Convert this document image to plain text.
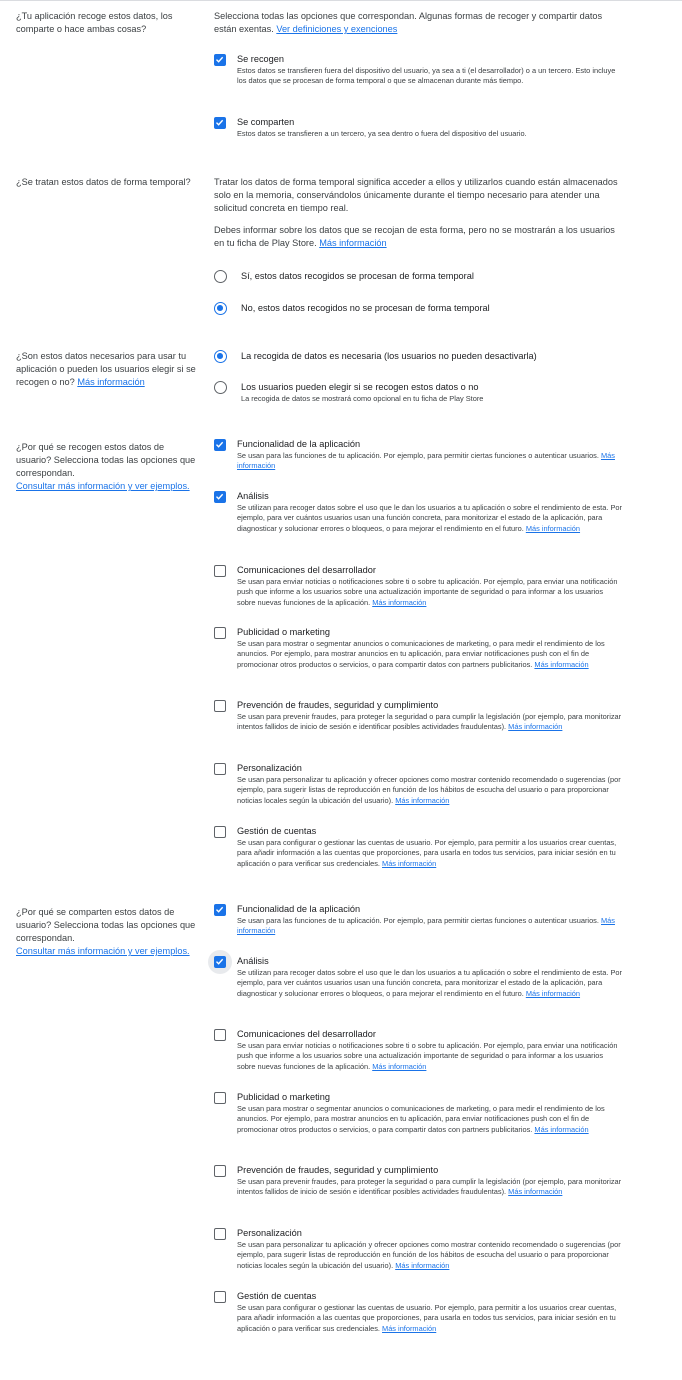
¿Tu aplicación recoge estos datos, los comparte o hace ambas cosas?

Selecciona todas las opciones que correspondan. Algunas formas de recoger y compartir datos están exentas. Ver definiciones y exenciones

Se recogen
Estos datos se transfieren fuera del dispositivo del usuario, ya sea a ti (el desarrollador) o a un tercero. Esto incluye los datos que se procesan de forma temporal o que se almacenan durante más tiempo.
Se comparten
Estos datos se transfieren a un tercero, ya sea dentro o fuera del dispositivo del usuario.
¿Se tratan estos datos de forma temporal?	Tratar los datos de forma temporal significa acceder a ellos y utilizarlos cuando están almacenados solo en la memoria, conservándolos únicamente durante el tiempo necesario para atender una solicitud concreta en tiempo real.

Debes informar sobre los datos que se recojan de esta forma, pero no se mostrarán a los usuarios en tu ficha de Play Store. Más información

Sí, estos datos recogidos se procesan de forma temporal
No, estos datos recogidos no se procesan de forma temporal
¿Son estos datos necesarios para usar tu aplicación o pueden los usuarios elegir si se recogen o no? Más información
La recogida de datos es necesaria (los usuarios no pueden desactivarla)
Los usuarios pueden elegir si se recogen estos datos o no
La recogida de datos se mostrará como opcional en tu ficha de Play Store
¿Por qué se recogen estos datos de usuario? Selecciona todas las opciones que correspondan.
Consultar más información y ver ejemplos.
Funcionalidad de la aplicación
Se usan para las funciones de tu aplicación. Por ejemplo, para permitir ciertas funciones o autenticar usuarios. Más información
Análisis
Se utilizan para recoger datos sobre el uso que le dan los usuarios a tu aplicación o sobre el rendimiento de esta. Por ejemplo, para ver cuántos usuarios usan una función concreta, para monitorizar el estado de la aplicación, para diagnosticar y solucionar errores o bloqueos, o para mejorar el rendimiento en el futuro. Más información
Comunicaciones del desarrollador
Se usan para enviar noticias o notificaciones sobre ti o sobre tu aplicación. Por ejemplo, para enviar una notificación push que informe a los usuarios sobre una actualización importante de seguridad o para informar a los usuarios sobre nuevas funciones de la aplicación. Más información
Publicidad o marketing
Se usan para mostrar o segmentar anuncios o comunicaciones de marketing, o para medir el rendimiento de los anuncios. Por ejemplo, para mostrar anuncios en tu aplicación, para enviar notificaciones push con el fin de promocionar otros productos o servicios, o para compartir datos con partners publicitarios. Más información
Prevención de fraudes, seguridad y cumplimiento
Se usan para prevenir fraudes, para proteger la seguridad o para cumplir la legislación (por ejemplo, para monitorizar intentos fallidos de inicio de sesión e identificar posibles actividades fraudulentas). Más información
Personalización
Se usan para personalizar tu aplicación y ofrecer opciones como mostrar contenido recomendado o sugerencias (por ejemplo, para sugerir listas de reproducción en función de los hábitos de escucha del usuario o para proporcionar noticias locales según la ubicación del usuario). Más información
Gestión de cuentas
Se usan para configurar o gestionar las cuentas de usuario. Por ejemplo, para permitir a los usuarios crear cuentas, para añadir información a las cuentas que proporciones, para usarla en todos tus servicios, para iniciar sesión en tu aplicación o para verificar sus credenciales. Más información
¿Por qué se comparten estos datos de usuario? Selecciona todas las opciones que correspondan.
Consultar más información y ver ejemplos.
Funcionalidad de la aplicación
Se usan para las funciones de tu aplicación. Por ejemplo, para permitir ciertas funciones o autenticar usuarios. Más información
Análisis
Se utilizan para recoger datos sobre el uso que le dan los usuarios a tu aplicación o sobre el rendimiento de esta. Por ejemplo, para ver cuántos usuarios usan una función concreta, para monitorizar el estado de la aplicación, para diagnosticar y solucionar errores o bloqueos, o para mejorar el rendimiento en el futuro. Más información
Comunicaciones del desarrollador
Se usan para enviar noticias o notificaciones sobre ti o sobre tu aplicación. Por ejemplo, para enviar una notificación push que informe a los usuarios sobre una actualización importante de seguridad o para informar a los usuarios sobre nuevas funciones de la aplicación. Más información
Publicidad o marketing
Se usan para mostrar o segmentar anuncios o comunicaciones de marketing, o para medir el rendimiento de los anuncios. Por ejemplo, para mostrar anuncios en tu aplicación, para enviar notificaciones push con el fin de promocionar otros productos o servicios, o para compartir datos con partners publicitarios. Más información
Prevención de fraudes, seguridad y cumplimiento
Se usan para prevenir fraudes, para proteger la seguridad o para cumplir la legislación (por ejemplo, para monitorizar intentos fallidos de inicio de sesión e identificar posibles actividades fraudulentas). Más información
Personalización
Se usan para personalizar tu aplicación y ofrecer opciones como mostrar contenido recomendado o sugerencias (por ejemplo, para sugerir listas de reproducción en función de los hábitos de escucha del usuario o para proporcionar noticias locales según la ubicación del usuario). Más información
Gestión de cuentas
Se usan para configurar o gestionar las cuentas de usuario. Por ejemplo, para permitir a los usuarios crear cuentas, para añadir información a las cuentas que proporciones, para usarla en todos tus servicios, para iniciar sesión en tu aplicación o para verificar sus credenciales. Más información
